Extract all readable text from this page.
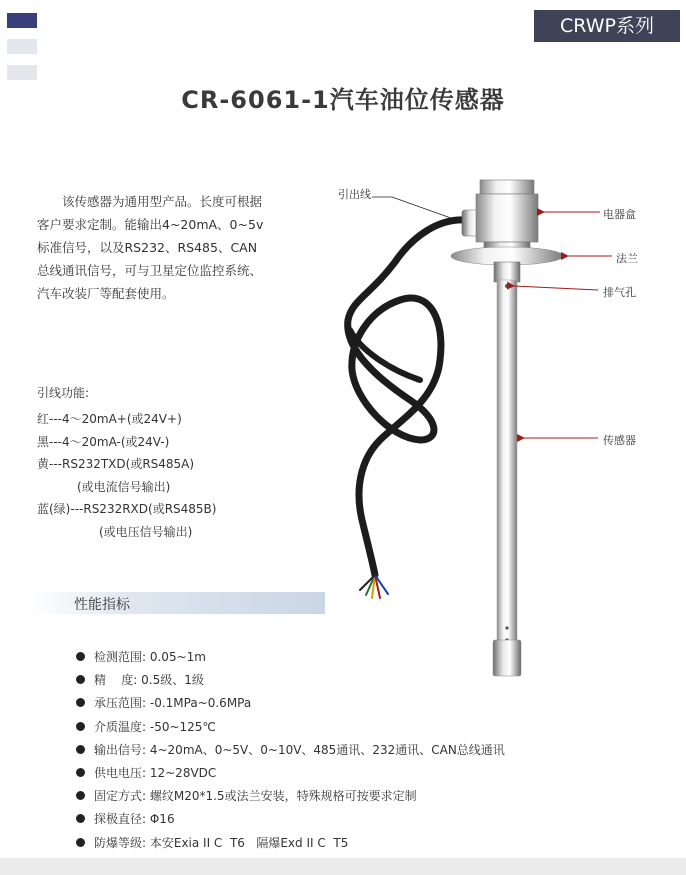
CRWP系列
CR-6061-1汽车油位传感器
该传感器为通用型产品。长度可根据客户要求定制。能输出4~20mA、0~5v标准信号，以及RS232、RS485、CAN总线通讯信号，可与卫星定位监控系统、汽车改装厂等配套使用。
引线功能:
红---4～20mA+(或24V+)
黑---4～20mA-(或24V-)
黄---RS232TXD(或RS485A)
(或电流信号输出)
蓝(绿)---RS232RXD(或RS485B)
(或电压信号输出)
引出线
电器盒
法兰
排气孔
传感器
性能指标
检测范围: 0.05~1m
精    度: 0.5级、1级
承压范围: -0.1MPa~0.6MPa
介质温度: -50~125℃
输出信号: 4~20mA、0~5V、0~10V、485通讯、232通讯、CAN总线通讯
供电电压: 12~28VDC
固定方式: 螺纹M20*1.5或法兰安装，特殊规格可按要求定制
探极直径: Φ16
防爆等级: 本安Exia II C  T6   隔爆Exd II C  T5
